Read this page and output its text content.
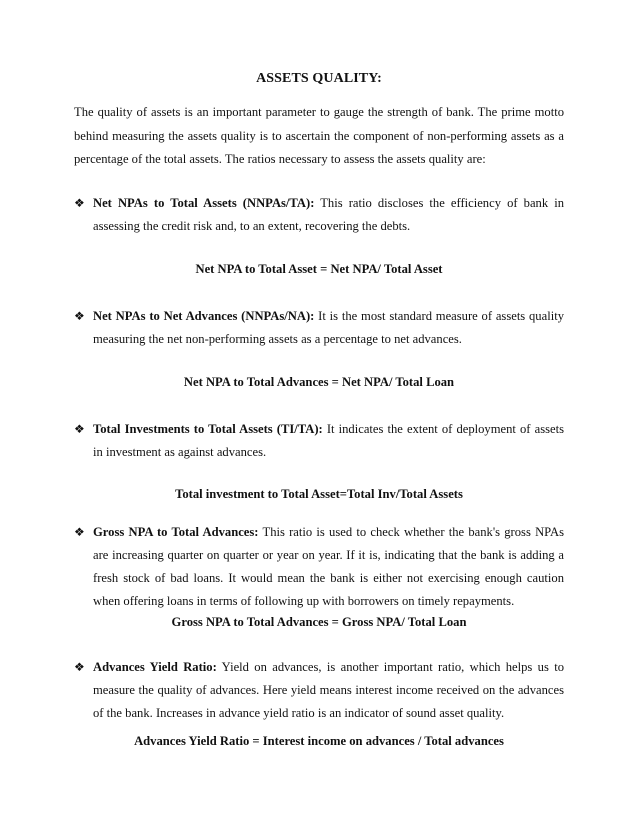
ASSETS QUALITY:

The quality of assets is an important parameter to gauge the strength of bank. The prime motto behind measuring the assets quality is to ascertain the component of non-performing assets as a percentage of the total assets. The ratios necessary to assess the assets quality are:

❖ Net NPAs to Total Assets (NNPAs/TA): This ratio discloses the efficiency of bank in assessing the credit risk and, to an extent, recovering the debts.
Net NPA to Total Asset = Net NPA/ Total Asset
❖ Net NPAs to Net Advances (NNPAs/NA): It is the most standard measure of assets quality measuring the net non-performing assets as a percentage to net advances.
Net NPA to Total Advances = Net NPA/ Total Loan
❖ Total Investments to Total Assets (TI/TA): It indicates the extent of deployment of assets in investment as against advances.
Total investment to Total Asset=Total Inv/Total Assets
❖ Gross NPA to Total Advances: This ratio is used to check whether the bank's gross NPAs are increasing quarter on quarter or year on year. If it is, indicating that the bank is adding a fresh stock of bad loans. It would mean the bank is either not exercising enough caution when offering loans in terms of following up with borrowers on timely repayments.
Gross NPA to Total Advances = Gross NPA/ Total Loan
❖ Advances Yield Ratio: Yield on advances, is another important ratio, which helps us to measure the quality of advances. Here yield means interest income received on the advances of the bank. Increases in advance yield ratio is an indicator of sound asset quality.
Advances Yield Ratio = Interest income on advances / Total advances
